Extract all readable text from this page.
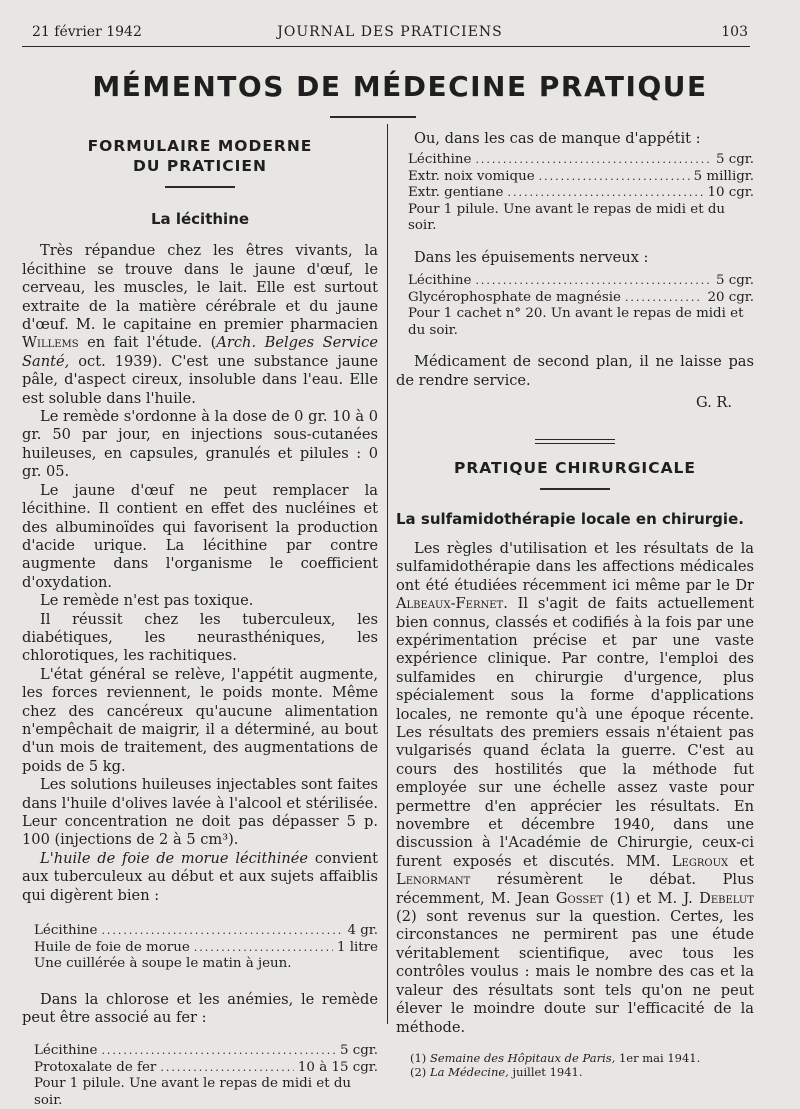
21 février 1942	JOURNAL DES PRATICIENS	103
MÉMENTOS DE MÉDECINE PRATIQUE
FORMULAIRE MODERNE
DU PRATICIEN
La lécithine

Très répandue chez les êtres vivants, la lécithine se trouve dans le jaune d'œuf, le cerveau, les muscles, le lait. Elle est surtout extraite de la matière cérébrale et du jaune d'œuf. M. le capitaine en premier pharmacien Willems en fait l'étude. (Arch. Belges Service Santé, oct. 1939). C'est une substance jaune pâle, d'aspect cireux, insoluble dans l'eau. Elle est soluble dans l'huile.

Le remède s'ordonne à la dose de 0 gr. 10 à 0 gr. 50 par jour, en injections sous-cutanées huileuses, en capsules, granulés et pilules : 0 gr. 05.

Le jaune d'œuf ne peut remplacer la lécithine. Il contient en effet des nucléines et des albuminoïdes qui favorisent la production d'acide urique. La lécithine par contre augmente dans l'organisme le coefficient d'oxydation.

Le remède n'est pas toxique.

Il réussit chez les tuberculeux, les diabétiques, les neurasthéniques, les chlorotiques, les rachitiques.

L'état général se relève, l'appétit augmente, les forces reviennent, le poids monte. Même chez des cancéreux qu'aucune alimentation n'empêchait de maigrir, il a déterminé, au bout d'un mois de traitement, des augmentations de poids de 5 kg.

Les solutions huileuses injectables sont faites dans l'huile d'olives lavée à l'alcool et stérilisée. Leur concentration ne doit pas dépasser 5 p. 100 (injections de 2 à 5 cm³).

L'huile de foie de morue lécithinée convient aux tuberculeux au début et aux sujets affaiblis qui digèrent bien :

Lécithine .....	4 gr.
Huile de foie de morue .....	1 litre
Une cuillérée à soupe le matin à jeun.

Dans la chlorose et les anémies, le remède peut être associé au fer :

Lécithine .....	5 cgr.
Protoxalate de fer .....	10 à 15 cgr.
Pour 1 pilule. Une avant le repas de midi et du soir.

Ou, dans les cas de manque d'appétit :

Lécithine .....	5 cgr.
Extr. noix vomique .....	5 milligr.
Extr. gentiane .....	10 cgr.
Pour 1 pilule. Une avant le repas de midi et du soir.

Dans les épuisements nerveux :

Lécithine .....	5 cgr.
Glycérophosphate de magnésie .....	20 cgr.
Pour 1 cachet n° 20. Un avant le repas de midi et du soir.

Médicament de second plan, il ne laisse pas de rendre service.

G. R.
PRATIQUE CHIRURGICALE
La sulfamidothérapie locale en chirurgie.

Les règles d'utilisation et les résultats de la sulfamidothérapie dans les affections médicales ont été étudiées récemment ici même par le Dr Albeaux-Fernet. Il s'agit de faits actuellement bien connus, classés et codifiés à la fois par une expérimentation précise et par une vaste expérience clinique. Par contre, l'emploi des sulfamides en chirurgie d'urgence, plus spécialement sous la forme d'applications locales, ne remonte qu'à une époque récente. Les résultats des premiers essais n'étaient pas vulgarisés quand éclata la guerre. C'est au cours des hostilités que la méthode fut employée sur une échelle assez vaste pour permettre d'en apprécier les résultats. En novembre et décembre 1940, dans une discussion à l'Académie de Chirurgie, ceux-ci furent exposés et discutés. MM. Legroux et Lenormant résumèrent le débat. Plus récemment, M. Jean Gosset (1) et M. J. Debelut (2) sont revenus sur la question. Certes, les circonstances ne permirent pas une étude véritablement scientifique, avec tous les contrôles voulus : mais le nombre des cas et la valeur des résultats sont tels qu'on ne peut élever le moindre doute sur l'efficacité de la méthode.

(1) Semaine des Hôpitaux de Paris, 1er mai 1941.
(2) La Médecine, juillet 1941.
